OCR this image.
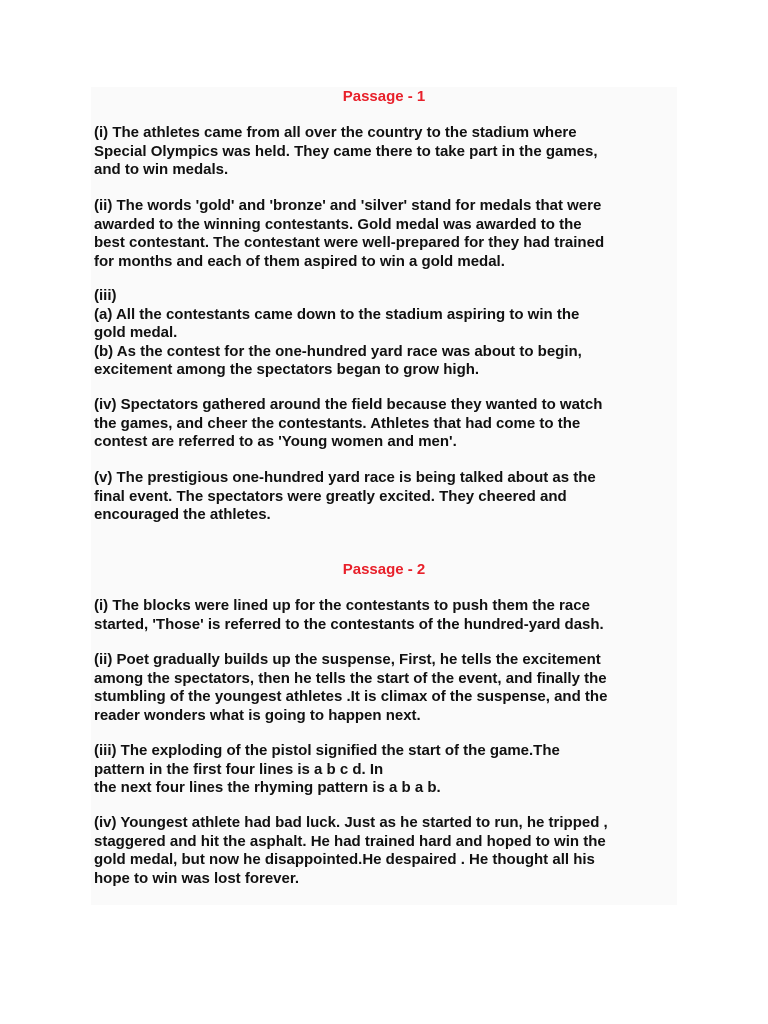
Passage - 1

(i) The athletes came from all over the country to the stadium where
Special Olympics was held. They came there to take part in the games,
and to win medals.

(ii) The words 'gold' and 'bronze' and 'silver' stand for medals that were
awarded to the winning contestants. Gold medal was awarded to the
best contestant. The contestant were well-prepared for they had trained
for months and each of them aspired to win a gold medal.

(iii)
(a) All the contestants came down to the stadium aspiring to win the
gold medal.
(b) As the contest for the one-hundred yard race was about to begin,
excitement among the spectators began to grow high.

(iv) Spectators gathered around the field because they wanted to watch
the games, and cheer the contestants. Athletes that had come to the
contest are referred to as 'Young women and men'.

(v) The prestigious one-hundred yard race is being talked about as the
final event. The spectators were greatly excited. They cheered and
encouraged the athletes.

Passage - 2

(i) The blocks were lined up for the contestants to push them the race
started, 'Those' is referred to the contestants of the hundred-yard dash.

(ii) Poet gradually builds up the suspense, First, he tells the excitement
among the spectators, then he tells the start of the event, and finally the
stumbling of the youngest athletes .It is climax of the suspense, and the
reader wonders what is going to happen next.

(iii) The exploding of the pistol signified the start of the game.The
pattern in the first four lines is a b c d. In
the next four lines the rhyming pattern is a b a b.

(iv) Youngest athlete had bad luck. Just as he started to run, he tripped ,
staggered and hit the asphalt. He had trained hard and hoped to win the
gold medal, but now he disappointed.He despaired . He thought all his
hope to win was lost forever.
